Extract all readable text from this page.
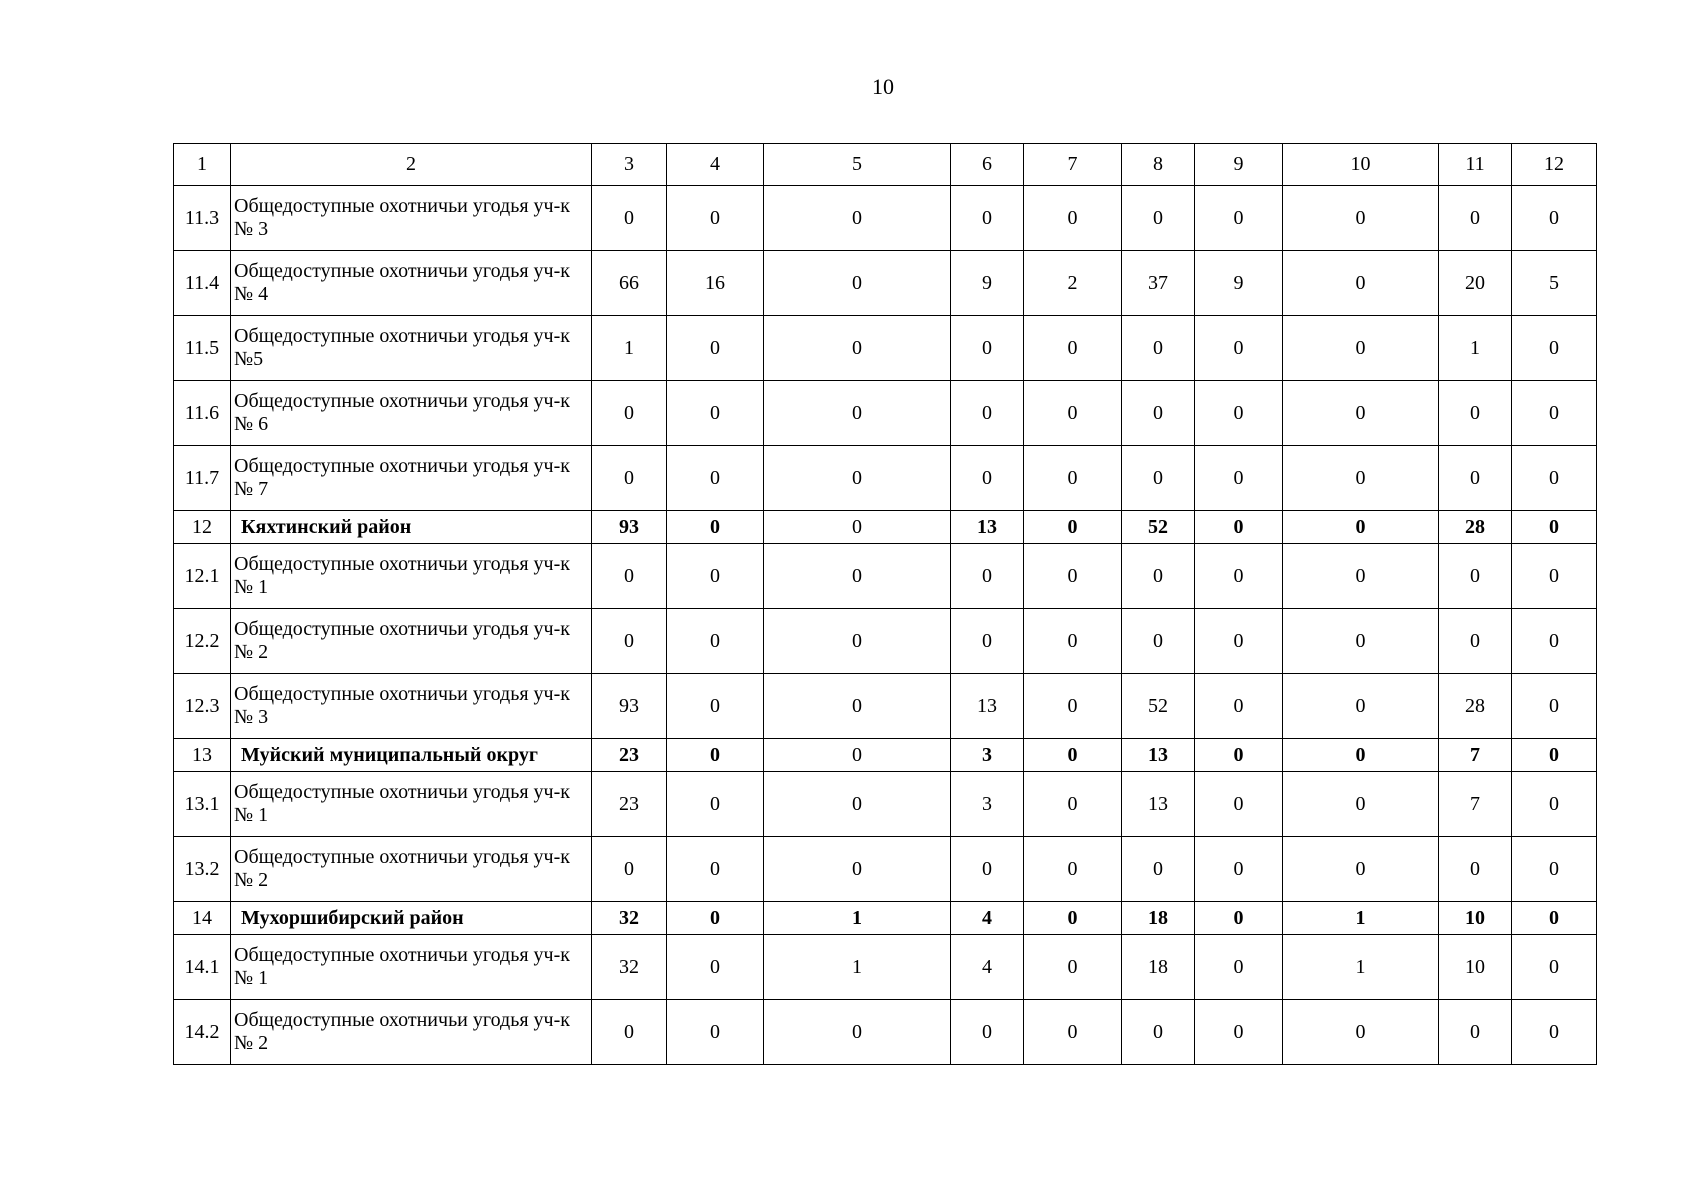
10
1	2	3	4	5	6	7	8	9	10	11	12
11.3	Общедоступные охотничьи угодья уч-к № 3	0	0	0	0	0	0	0	0	0	0
11.4	Общедоступные охотничьи угодья уч-к № 4	66	16	0	9	2	37	9	0	20	5
11.5	Общедоступные охотничьи угодья уч-к №5	1	0	0	0	0	0	0	0	1	0
11.6	Общедоступные охотничьи угодья уч-к № 6	0	0	0	0	0	0	0	0	0	0
11.7	Общедоступные охотничьи угодья уч-к № 7	0	0	0	0	0	0	0	0	0	0
12	Кяхтинский район	93	0	0	13	0	52	0	0	28	0
12.1	Общедоступные охотничьи угодья уч-к № 1	0	0	0	0	0	0	0	0	0	0
12.2	Общедоступные охотничьи угодья уч-к № 2	0	0	0	0	0	0	0	0	0	0
12.3	Общедоступные охотничьи угодья уч-к № 3	93	0	0	13	0	52	0	0	28	0
13	Муйский муниципальный округ	23	0	0	3	0	13	0	0	7	0
13.1	Общедоступные охотничьи угодья уч-к № 1	23	0	0	3	0	13	0	0	7	0
13.2	Общедоступные охотничьи угодья уч-к № 2	0	0	0	0	0	0	0	0	0	0
14	Мухоршибирский район	32	0	1	4	0	18	0	1	10	0
14.1	Общедоступные охотничьи угодья уч-к № 1	32	0	1	4	0	18	0	1	10	0
14.2	Общедоступные охотничьи угодья уч-к № 2	0	0	0	0	0	0	0	0	0	0
